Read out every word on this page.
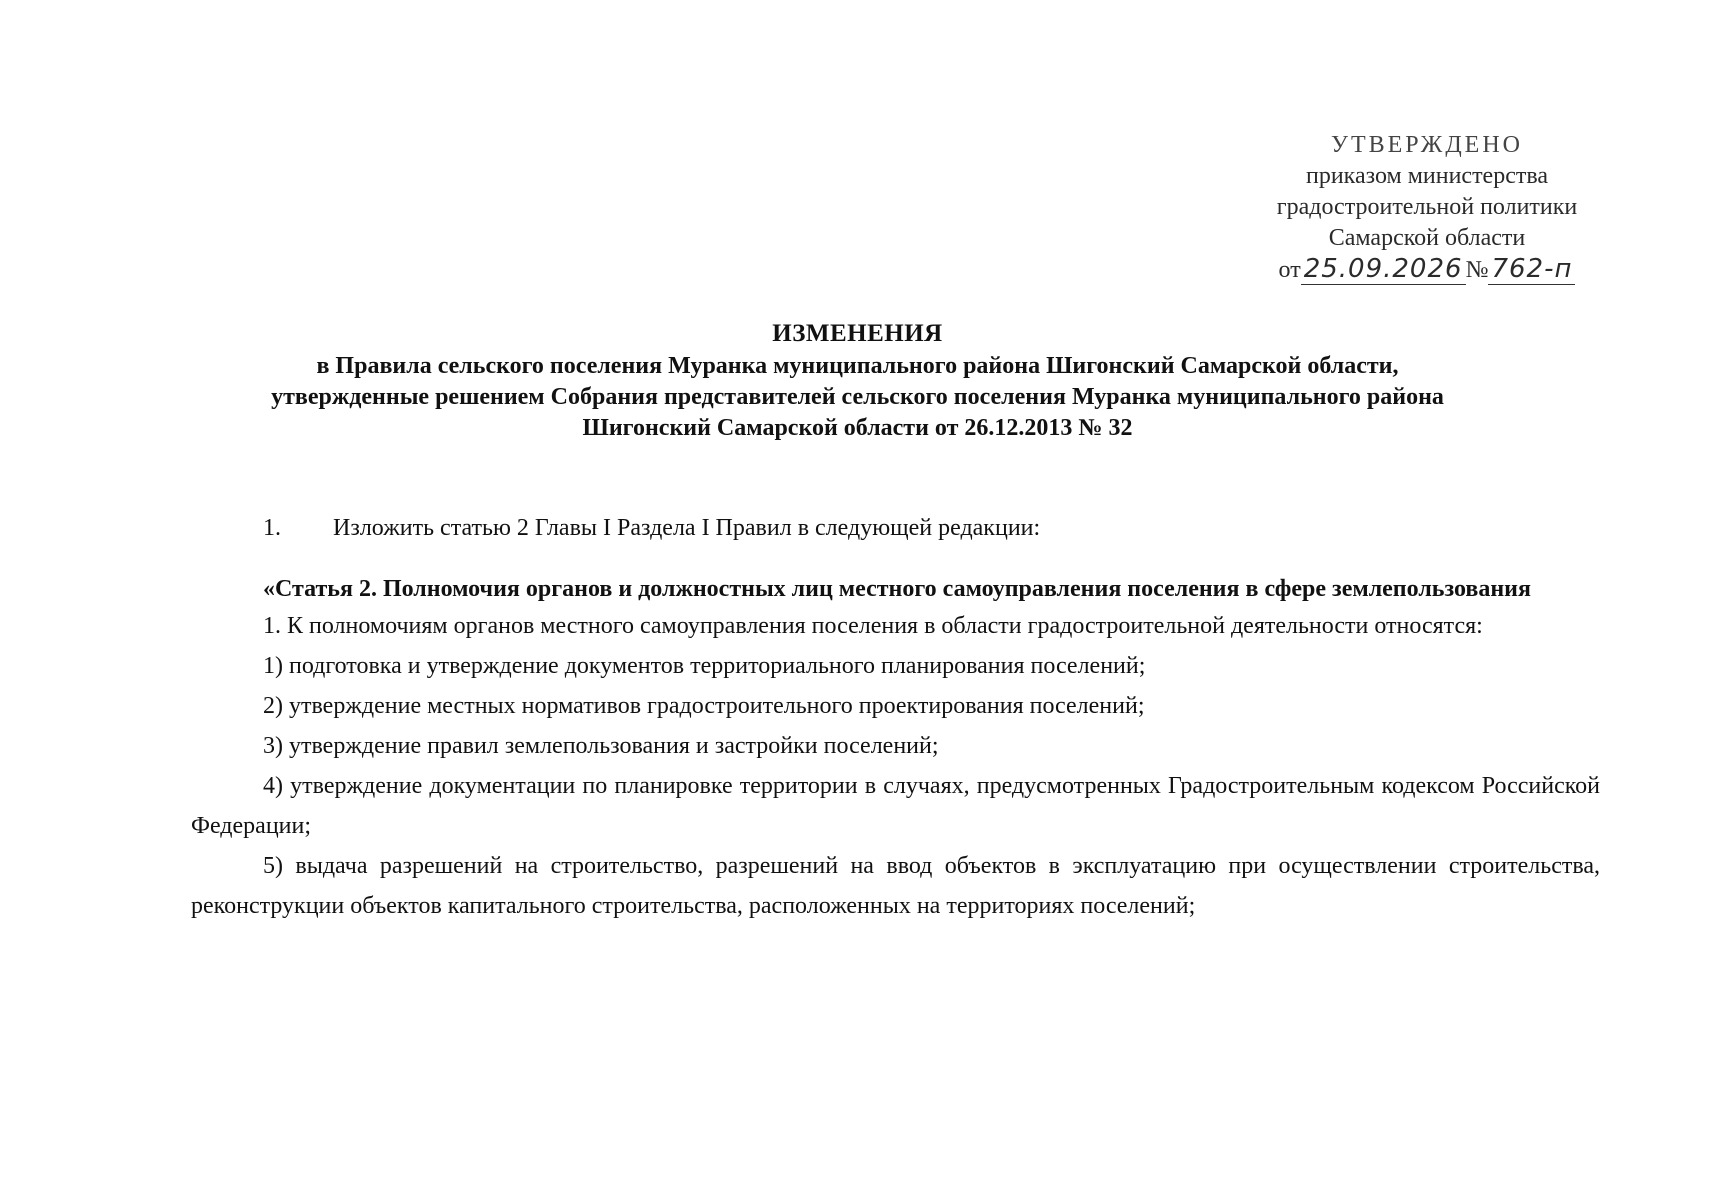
УТВЕРЖДЕНО
приказом министерства
градостроительной политики
Самарской области
от 25.09.2026 № 762-п
ИЗМЕНЕНИЯ
в Правила сельского поселения Муранка муниципального района Шигонский Самарской области,
утвержденные решением Собрания представителей сельского поселения Муранка муниципального района
Шигонский Самарской области от 26.12.2013 № 32
1.	Изложить статью 2 Главы I Раздела I Правил в следующей редакции:
«Статья 2. Полномочия органов и должностных лиц местного самоуправления поселения в сфере землепользования

1. К полномочиям органов местного самоуправления поселения в области градостроительной деятельности относятся:

1) подготовка и утверждение документов территориального планирования поселений;

2) утверждение местных нормативов градостроительного проектирования поселений;

3) утверждение правил землепользования и застройки поселений;

4) утверждение документации по планировке территории в случаях, предусмотренных Градостроительным кодексом Российской Федерации;

5) выдача разрешений на строительство, разрешений на ввод объектов в эксплуатацию при осуществлении строительства, реконструкции объектов капитального строительства, расположенных на территориях поселений;
